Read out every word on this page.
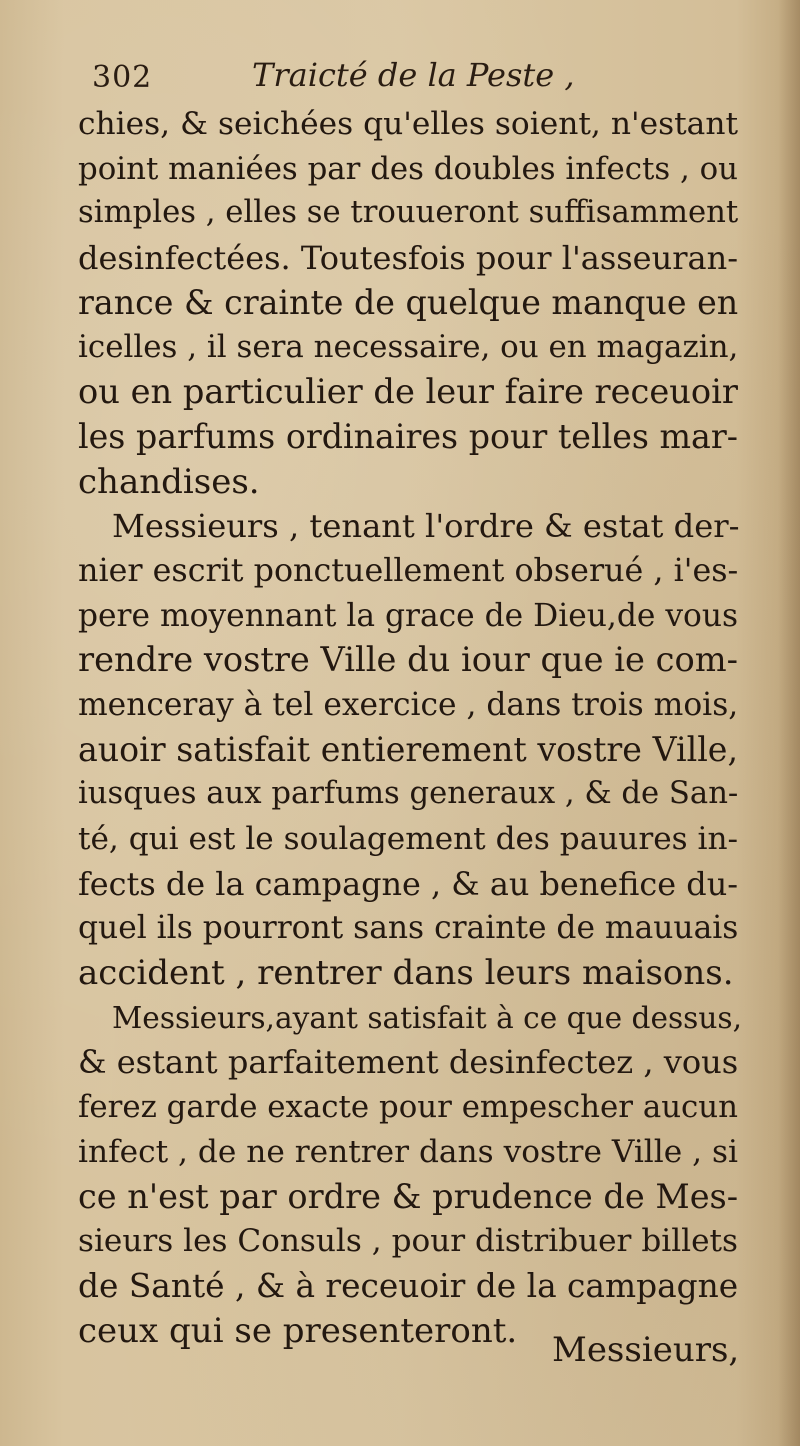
302	Traicté de la Peste ,
chies, & seichées qu'elles soient, n'estant
point maniées par des doubles infects , ou
simples , elles se trouueront suffisamment
desinfectées. Toutesfois pour l'asseuran-
rance & crainte de quelque manque en
icelles , il sera necessaire, ou en magazin,
ou en particulier de leur faire receuoir
les parfums ordinaires pour telles mar-
chandises.
Messieurs , tenant l'ordre & estat der-
nier escrit ponctuellement obserué , i'es-
pere moyennant la grace de Dieu,de vous
rendre vostre Ville du iour que ie com-
menceray à tel exercice , dans trois mois,
auoir satisfait entierement vostre Ville,
iusques aux parfums generaux , & de San-
té, qui est le soulagement des pauures in-
fects de la campagne , & au benefice du-
quel ils pourront sans crainte de mauuais
accident , rentrer dans leurs maisons.
Messieurs,ayant satisfait à ce que dessus,
& estant parfaitement desinfectez , vous
ferez garde exacte pour empescher aucun
infect , de ne rentrer dans vostre Ville , si
ce n'est par ordre & prudence de Mes-
sieurs les Consuls , pour distribuer billets
de Santé , & à receuoir de la campagne
ceux qui se presenteront.	Messieurs,
